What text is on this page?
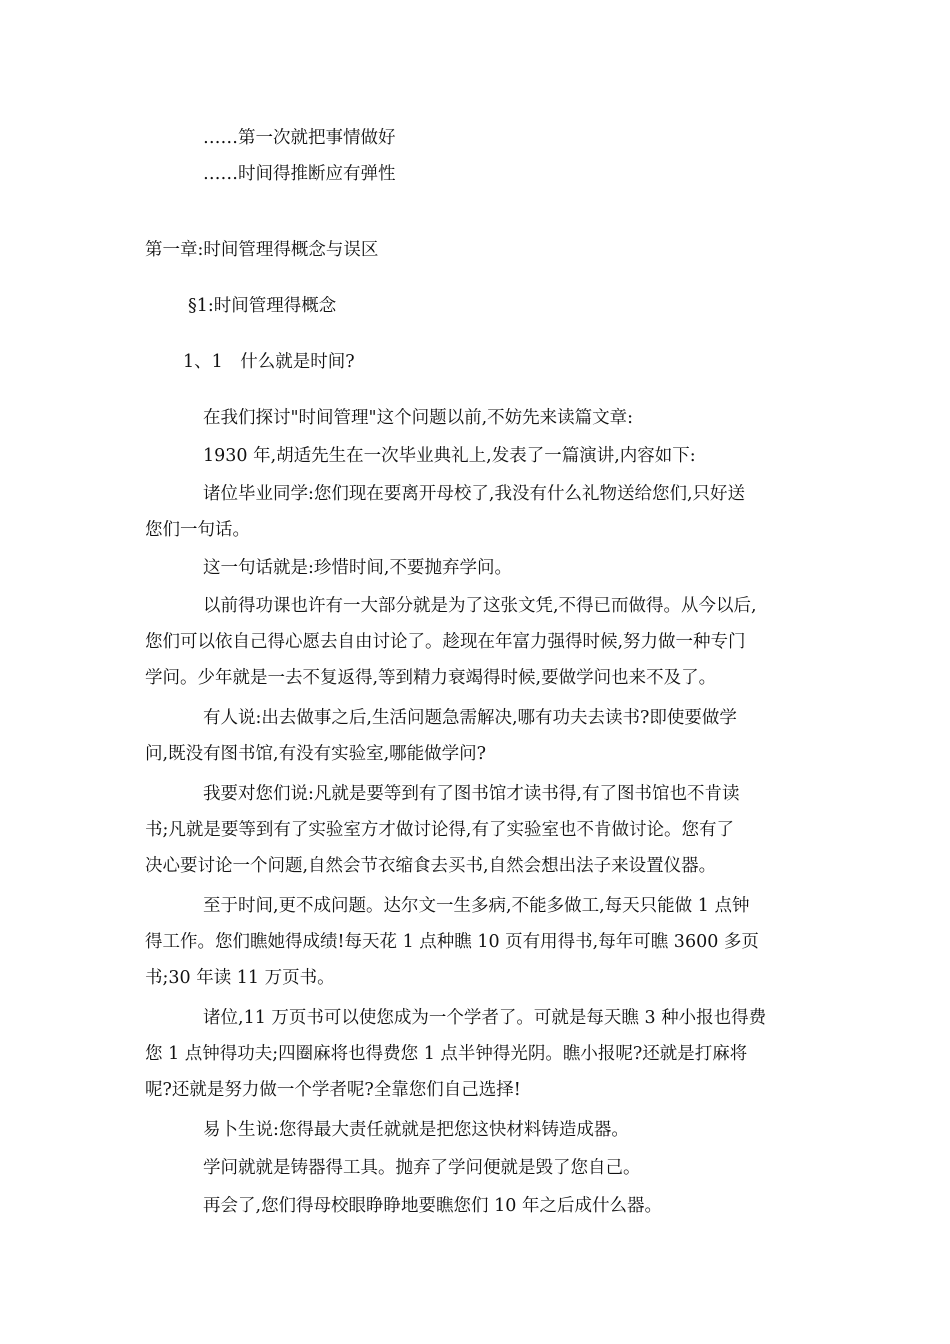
……第一次就把事情做好
……时间得推断应有弹性
第一章:时间管理得概念与误区
§1:时间管理得概念
1、1　什么就是时间?
在我们探讨"时间管理"这个问题以前,不妨先来读篇文章:
1930 年,胡适先生在一次毕业典礼上,发表了一篇演讲,内容如下:
诸位毕业同学:您们现在要离开母校了,我没有什么礼物送给您们,只好送
您们一句话。
这一句话就是:珍惜时间,不要抛弃学问。
以前得功课也许有一大部分就是为了这张文凭,不得已而做得。从今以后,
您们可以依自己得心愿去自由讨论了。趁现在年富力强得时候,努力做一种专门
学问。少年就是一去不复返得,等到精力衰竭得时候,要做学问也来不及了。
有人说:出去做事之后,生活问题急需解决,哪有功夫去读书?即使要做学
问,既没有图书馆,有没有实验室,哪能做学问?
我要对您们说:凡就是要等到有了图书馆才读书得,有了图书馆也不肯读
书;凡就是要等到有了实验室方才做讨论得,有了实验室也不肯做讨论。您有了
决心要讨论一个问题,自然会节衣缩食去买书,自然会想出法子来设置仪器。
至于时间,更不成问题。达尔文一生多病,不能多做工,每天只能做 1 点钟
得工作。您们瞧她得成绩!每天花 1 点种瞧 10 页有用得书,每年可瞧 3600 多页
书;30 年读 11 万页书。
诸位,11 万页书可以使您成为一个学者了。可就是每天瞧 3 种小报也得费
您 1 点钟得功夫;四圈麻将也得费您 1 点半钟得光阴。瞧小报呢?还就是打麻将
呢?还就是努力做一个学者呢?全靠您们自己选择!
易卜生说:您得最大责任就就是把您这快材料铸造成器。
学问就就是铸器得工具。抛弃了学问便就是毁了您自己。
再会了,您们得母校眼睁睁地要瞧您们 10 年之后成什么器。
